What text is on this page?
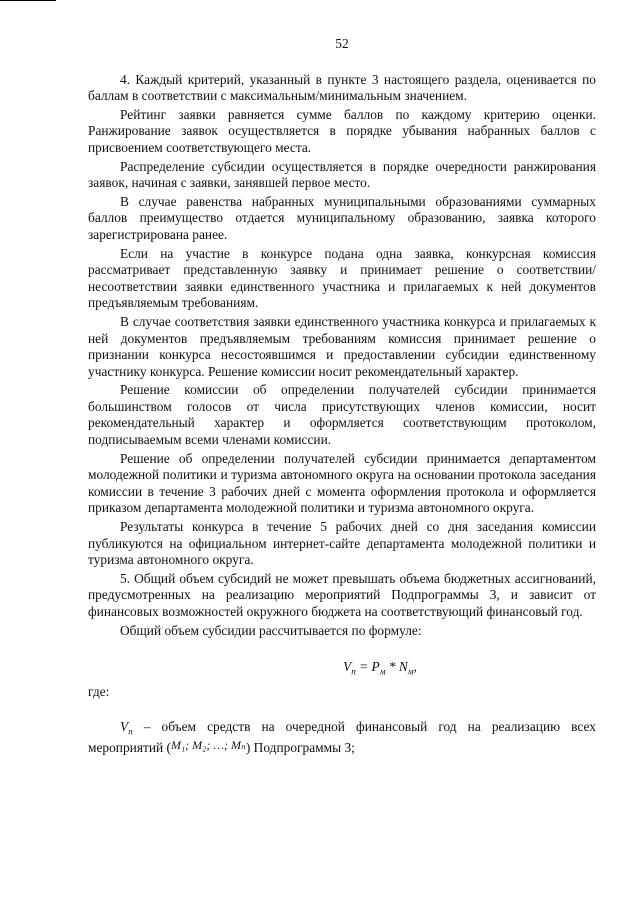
52

4. Каждый критерий, указанный в пункте 3 настоящего раздела, оценивается по баллам в соответствии с максимальным/минимальным значением.

Рейтинг заявки равняется сумме баллов по каждому критерию оценки. Ранжирование заявок осуществляется в порядке убывания набранных баллов с присвоением соответствующего места.

Распределение субсидии осуществляется в порядке очередности ранжирования заявок, начиная с заявки, занявшей первое место.

В случае равенства набранных муниципальными образованиями суммарных баллов преимущество отдается муниципальному образованию, заявка которого зарегистрирована ранее.

Если на участие в конкурсе подана одна заявка, конкурсная комиссия рассматривает представленную заявку и принимает решение о соответствии/несоответствии заявки единственного участника и прилагаемых к ней документов предъявляемым требованиям.

В случае соответствия заявки единственного участника конкурса и прилагаемых к ней документов предъявляемым требованиям комиссия принимает решение о признании конкурса несостоявшимся и предоставлении субсидии единственному участнику конкурса. Решение комиссии носит рекомендательный характер.

Решение комиссии об определении получателей субсидии принимается большинством голосов от числа присутствующих членов комиссии, носит рекомендательный характер и оформляется соответствующим протоколом, подписываемым всеми членами комиссии.

Решение об определении получателей субсидии принимается департаментом молодежной политики и туризма автономного округа на основании протокола заседания комиссии в течение 3 рабочих дней с момента оформления протокола и оформляется приказом департамента молодежной политики и туризма автономного округа.

Результаты конкурса в течение 5 рабочих дней со дня заседания комиссии публикуются на официальном интернет-сайте департамента молодежной политики и туризма автономного округа.

5. Общий объем субсидий не может превышать объема бюджетных ассигнований, предусмотренных на реализацию мероприятий Подпрограммы 3, и зависит от финансовых возможностей окружного бюджета на соответствующий финансовый год.

Общий объем субсидии рассчитывается по формуле:

$V_n = P_м * N_м$,
где:

$V_n$ – объем средств на очередной финансовый год на реализацию всех мероприятий (M₁; M₂; …; Mₙ) Подпрограммы 3;
